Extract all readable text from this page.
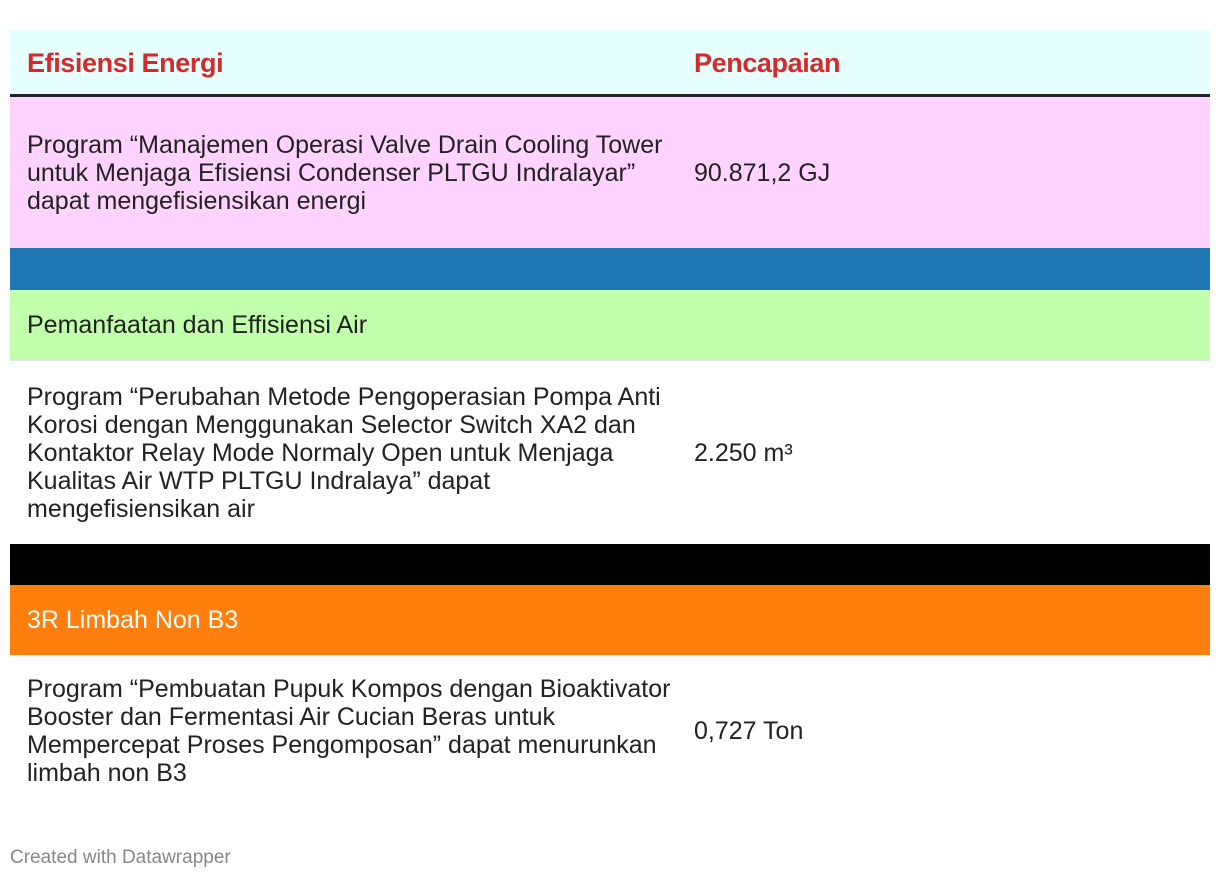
Efisiensi Energi	Pencapaian
Program “Manajemen Operasi Valve Drain Cooling Tower untuk Menjaga Efisiensi Condenser PLTGU Indralayar” dapat mengefisiensikan energi
90.871,2 GJ
Pemanfaatan dan Effisiensi Air
Program “Perubahan Metode Pengoperasian Pompa Anti Korosi dengan Menggunakan Selector Switch XA2 dan Kontaktor Relay Mode Normaly Open untuk Menjaga Kualitas Air WTP PLTGU Indralaya” dapat mengefisiensikan air
2.250 m³
3R Limbah Non B3
Program “Pembuatan Pupuk Kompos dengan Bioaktivator Booster dan Fermentasi Air Cucian Beras untuk Mempercepat Proses Pengomposan” dapat menurunkan limbah non B3
0,727 Ton
Created with Datawrapper
